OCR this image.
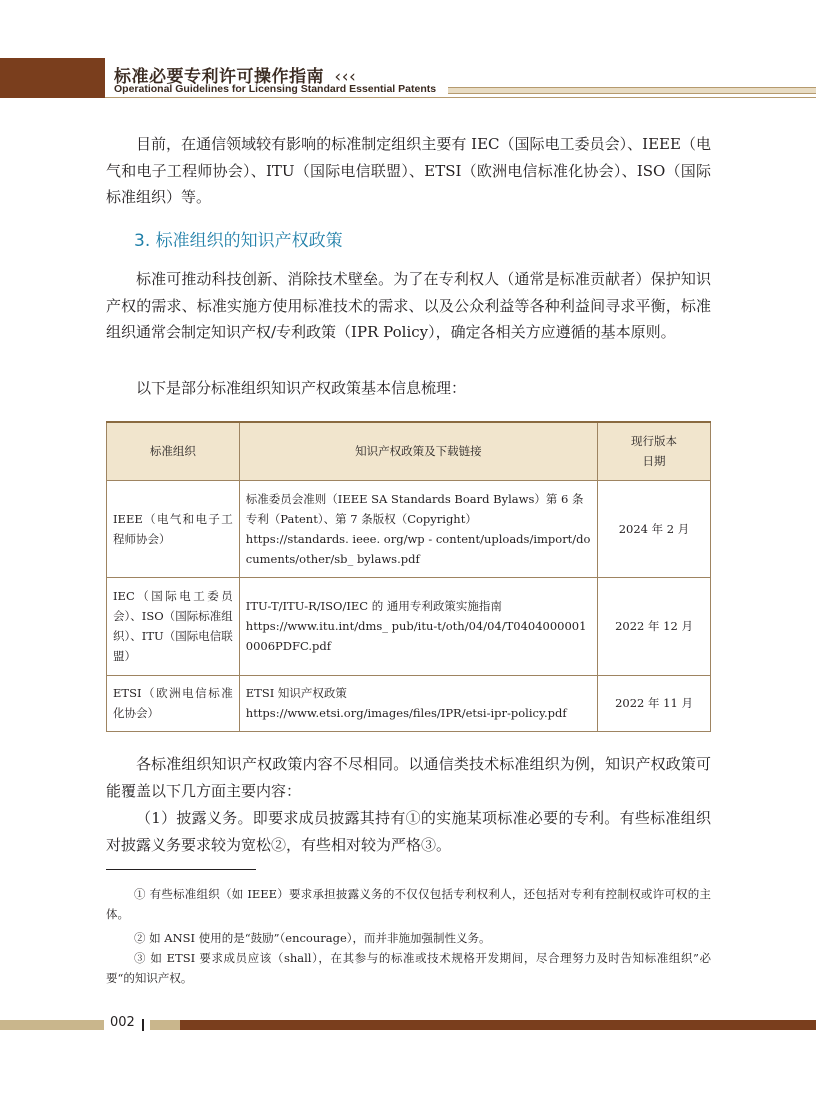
标准必要专利许可操作指南 ‹‹‹
Operational Guidelines for Licensing Standard Essential Patents

目前，在通信领域较有影响的标准制定组织主要有 IEC（国际电工委员会）、IEEE（电气和电子工程师协会）、ITU（国际电信联盟）、ETSI（欧洲电信标准化协会）、ISO（国际标准组织）等。

3. 标准组织的知识产权政策

标准可推动科技创新、消除技术壁垒。为了在专利权人（通常是标准贡献者）保护知识产权的需求、标准实施方使用标准技术的需求、以及公众利益等各种利益间寻求平衡，标准组织通常会制定知识产权/专利政策（IPR Policy），确定各相关方应遵循的基本原则。

以下是部分标准组织知识产权政策基本信息梳理：

标准组织	知识产权政策及下载链接	现行版本
日期

IEEE（电气和电子工程师协会）	标准委员会准则（IEEE SA Standards Board Bylaws）第 6 条专利（Patent）、第 7 条版权（Copyright）
https://standards. ieee. org/wp - content/uploads/import/documents/other/sb_ bylaws.pdf	2024 年 2 月
IEC（国际电工委员会）、ISO（国际标准组织）、ITU（国际电信联盟）	ITU-T/ITU-R/ISO/IEC 的 通用专利政策实施指南
https://www.itu.int/dms_ pub/itu-t/oth/04/04/T04040000010006PDFC.pdf	2022 年 12 月
ETSI（欧洲电信标准化协会）	ETSI 知识产权政策
https://www.etsi.org/images/files/IPR/etsi-ipr-policy.pdf	2022 年 11 月

各标准组织知识产权政策内容不尽相同。以通信类技术标准组织为例，知识产权政策可能覆盖以下几方面主要内容：

（1）披露义务。即要求成员披露其持有①的实施某项标准必要的专利。有些标准组织对披露义务要求较为宽松②，有些相对较为严格③。

① 有些标准组织（如 IEEE）要求承担披露义务的不仅仅包括专利权利人，还包括对专利有控制权或许可权的主体。

② 如 ANSI 使用的是“鼓励”（encourage），而并非施加强制性义务。

③ 如 ETSI 要求成员应该（shall），在其参与的标准或技术规格开发期间，尽合理努力及时告知标准组织”必要“的知识产权。

002
